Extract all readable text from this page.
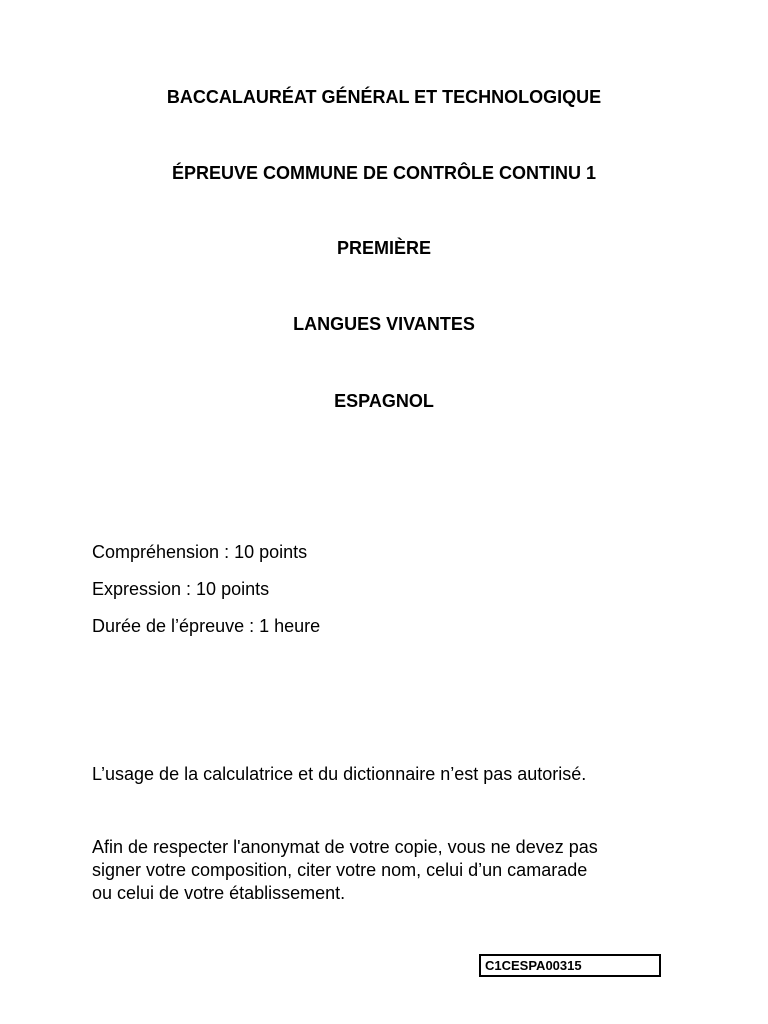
BACCALAURÉAT GÉNÉRAL ET TECHNOLOGIQUE

ÉPREUVE COMMUNE DE CONTRÔLE CONTINU 1

PREMIÈRE

LANGUES VIVANTES

ESPAGNOL

Compréhension : 10 points

Expression : 10 points

Durée de l’épreuve : 1 heure

L’usage de la calculatrice et du dictionnaire n’est pas autorisé.

Afin de respecter l'anonymat de votre copie, vous ne devez pas
signer votre composition, citer votre nom, celui d’un camarade
ou celui de votre établissement.

C1CESPA00315
